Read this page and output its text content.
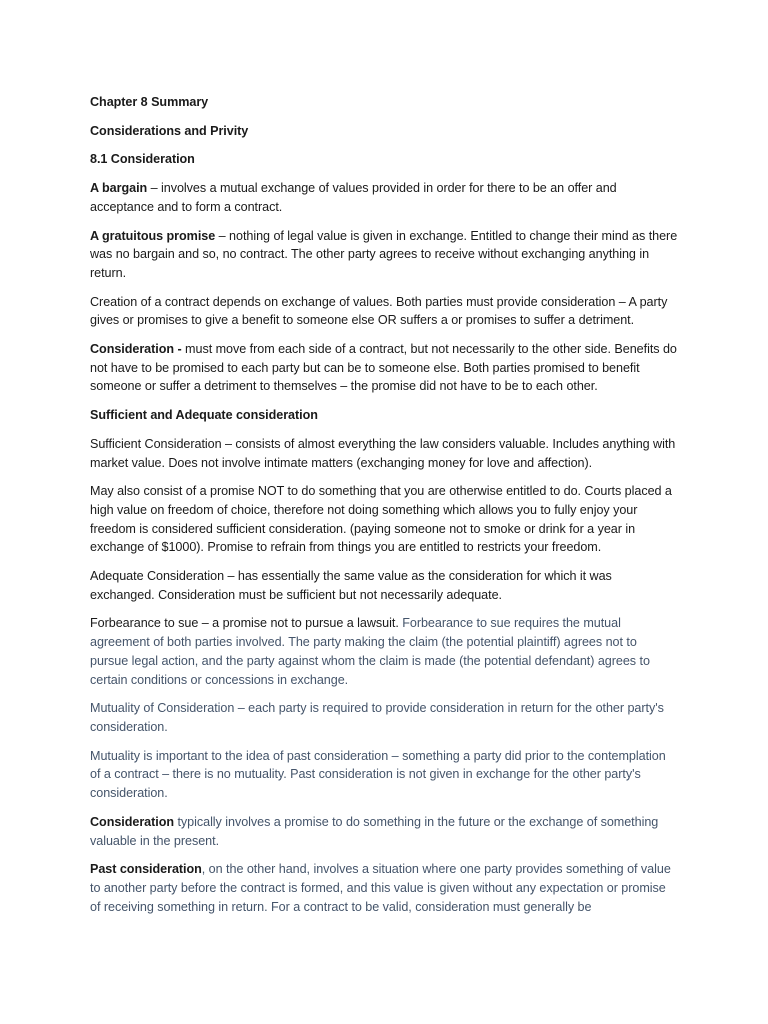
Chapter 8 Summary

Considerations and Privity

8.1 Consideration

A bargain – involves a mutual exchange of values provided in order for there to be an offer and acceptance and to form a contract.

A gratuitous promise – nothing of legal value is given in exchange. Entitled to change their mind as there was no bargain and so, no contract. The other party agrees to receive without exchanging anything in return.

Creation of a contract depends on exchange of values. Both parties must provide consideration – A party gives or promises to give a benefit to someone else OR suffers a or promises to suffer a detriment.

Consideration - must move from each side of a contract, but not necessarily to the other side. Benefits do not have to be promised to each party but can be to someone else. Both parties promised to benefit someone or suffer a detriment to themselves – the promise did not have to be to each other.

Sufficient and Adequate consideration

Sufficient Consideration – consists of almost everything the law considers valuable. Includes anything with market value. Does not involve intimate matters (exchanging money for love and affection).

May also consist of a promise NOT to do something that you are otherwise entitled to do. Courts placed a high value on freedom of choice, therefore not doing something which allows you to fully enjoy your freedom is considered sufficient consideration. (paying someone not to smoke or drink for a year in exchange of $1000). Promise to refrain from things you are entitled to restricts your freedom.

Adequate Consideration – has essentially the same value as the consideration for which it was exchanged. Consideration must be sufficient but not necessarily adequate.

Forbearance to sue – a promise not to pursue a lawsuit. Forbearance to sue requires the mutual agreement of both parties involved. The party making the claim (the potential plaintiff) agrees not to pursue legal action, and the party against whom the claim is made (the potential defendant) agrees to certain conditions or concessions in exchange.

Mutuality of Consideration – each party is required to provide consideration in return for the other party's consideration.

Mutuality is important to the idea of past consideration – something a party did prior to the contemplation of a contract – there is no mutuality. Past consideration is not given in exchange for the other party's consideration.

Consideration typically involves a promise to do something in the future or the exchange of something valuable in the present.

Past consideration, on the other hand, involves a situation where one party provides something of value to another party before the contract is formed, and this value is given without any expectation or promise of receiving something in return. For a contract to be valid, consideration must generally be
